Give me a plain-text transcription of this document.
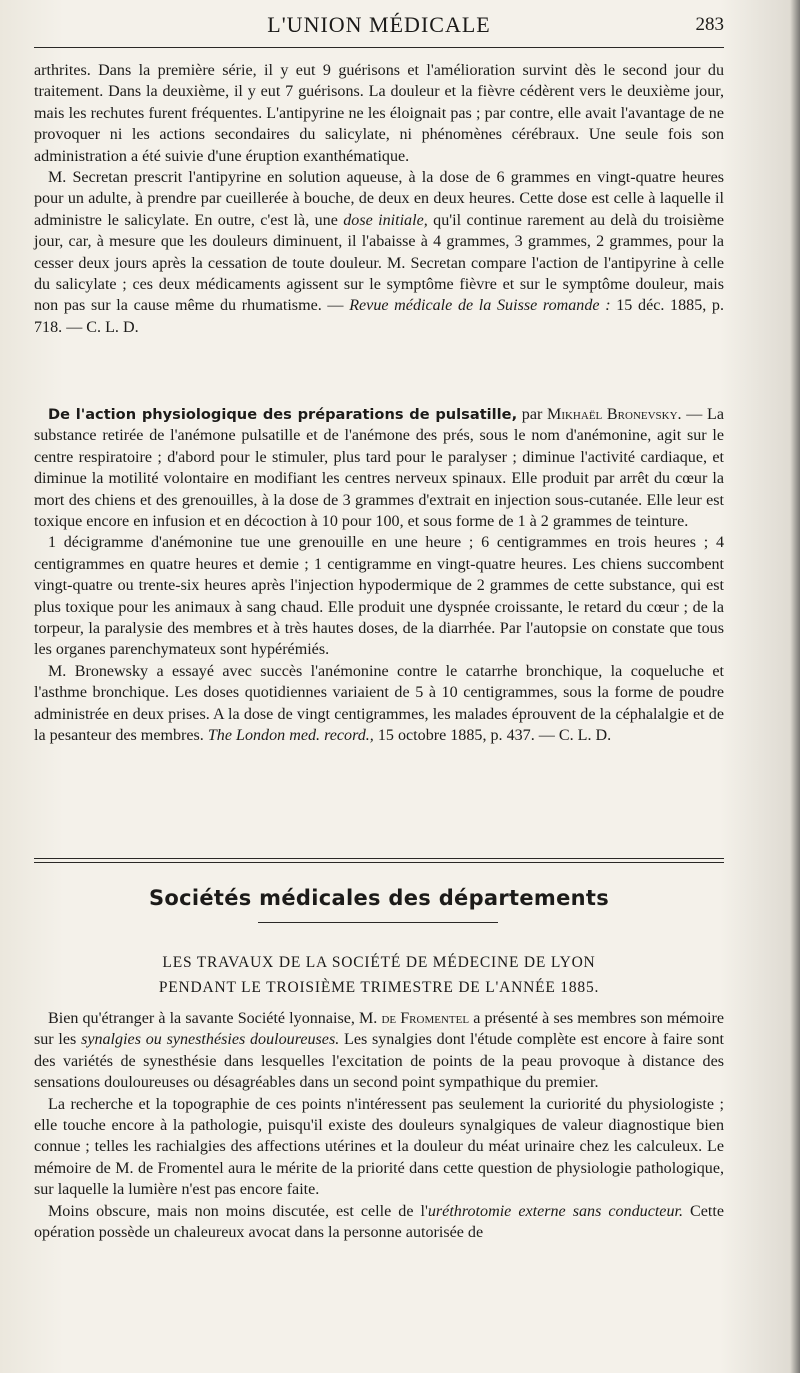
L'UNION MÉDICALE	283

arthrites. Dans la première série, il y eut 9 guérisons et l'amélioration survint dès le second jour du traitement. Dans la deuxième, il y eut 7 guérisons. La douleur et la fièvre cédèrent vers le deuxième jour, mais les rechutes furent fréquentes. L'antipyrine ne les éloignait pas ; par contre, elle avait l'avantage de ne provoquer ni les actions secondaires du salicylate, ni phénomènes cérébraux. Une seule fois son administration a été suivie d'une éruption exanthématique.

M. Secretan prescrit l'antipyrine en solution aqueuse, à la dose de 6 grammes en vingt-quatre heures pour un adulte, à prendre par cueillerée à bouche, de deux en deux heures. Cette dose est celle à laquelle il administre le salicylate. En outre, c'est là, une dose initiale, qu'il continue rarement au delà du troisième jour, car, à mesure que les douleurs diminuent, il l'abaisse à 4 grammes, 3 grammes, 2 grammes, pour la cesser deux jours après la cessation de toute douleur. M. Secretan compare l'action de l'antipyrine à celle du salicylate ; ces deux médicaments agissent sur le symptôme fièvre et sur le symptôme douleur, mais non pas sur la cause même du rhumatisme. — Revue médicale de la Suisse romande : 15 déc. 1885, p. 718. — C. L. D.

De l'action physiologique des préparations de pulsatille, par Mikhaël Bronevsky. — La substance retirée de l'anémone pulsatille et de l'anémone des prés, sous le nom d'anémonine, agit sur le centre respiratoire ; d'abord pour le stimuler, plus tard pour le paralyser ; diminue l'activité cardiaque, et diminue la motilité volontaire en modifiant les centres nerveux spinaux. Elle produit par arrêt du cœur la mort des chiens et des grenouilles, à la dose de 3 grammes d'extrait en injection sous-cutanée. Elle leur est toxique encore en infusion et en décoction à 10 pour 100, et sous forme de 1 à 2 grammes de teinture.

1 décigramme d'anémonine tue une grenouille en une heure ; 6 centigrammes en trois heures ; 4 centigrammes en quatre heures et demie ; 1 centigramme en vingt-quatre heures. Les chiens succombent vingt-quatre ou trente-six heures après l'injection hypodermique de 2 grammes de cette substance, qui est plus toxique pour les animaux à sang chaud. Elle produit une dyspnée croissante, le retard du cœur ; de la torpeur, la paralysie des membres et à très hautes doses, de la diarrhée. Par l'autopsie on constate que tous les organes parenchymateux sont hypérémiés.

M. Bronewsky a essayé avec succès l'anémonine contre le catarrhe bronchique, la coqueluche et l'asthme bronchique. Les doses quotidiennes variaient de 5 à 10 centigrammes, sous la forme de poudre administrée en deux prises. A la dose de vingt centigrammes, les malades éprouvent de la céphalalgie et de la pesanteur des membres. The London med. record., 15 octobre 1885, p. 437. — C. L. D.

Sociétés médicales des départements
LES TRAVAUX DE LA SOCIÉTÉ DE MÉDECINE DE LYON
PENDANT LE TROISIÈME TRIMESTRE DE L'ANNÉE 1885.

Bien qu'étranger à la savante Société lyonnaise, M. de Fromentel a présenté à ses membres son mémoire sur les synalgies ou synesthésies douloureuses. Les synalgies dont l'étude complète est encore à faire sont des variétés de synesthésie dans lesquelles l'excitation de points de la peau provoque à distance des sensations douloureuses ou désagréables dans un second point sympathique du premier.

La recherche et la topographie de ces points n'intéressent pas seulement la curiorité du physiologiste ; elle touche encore à la pathologie, puisqu'il existe des douleurs synalgiques de valeur diagnostique bien connue ; telles les rachialgies des affections utérines et la douleur du méat urinaire chez les calculeux. Le mémoire de M. de Fromentel aura le mérite de la priorité dans cette question de physiologie pathologique, sur laquelle la lumière n'est pas encore faite.

Moins obscure, mais non moins discutée, est celle de l'uréthrotomie externe sans conducteur. Cette opération possède un chaleureux avocat dans la personne autorisée de
